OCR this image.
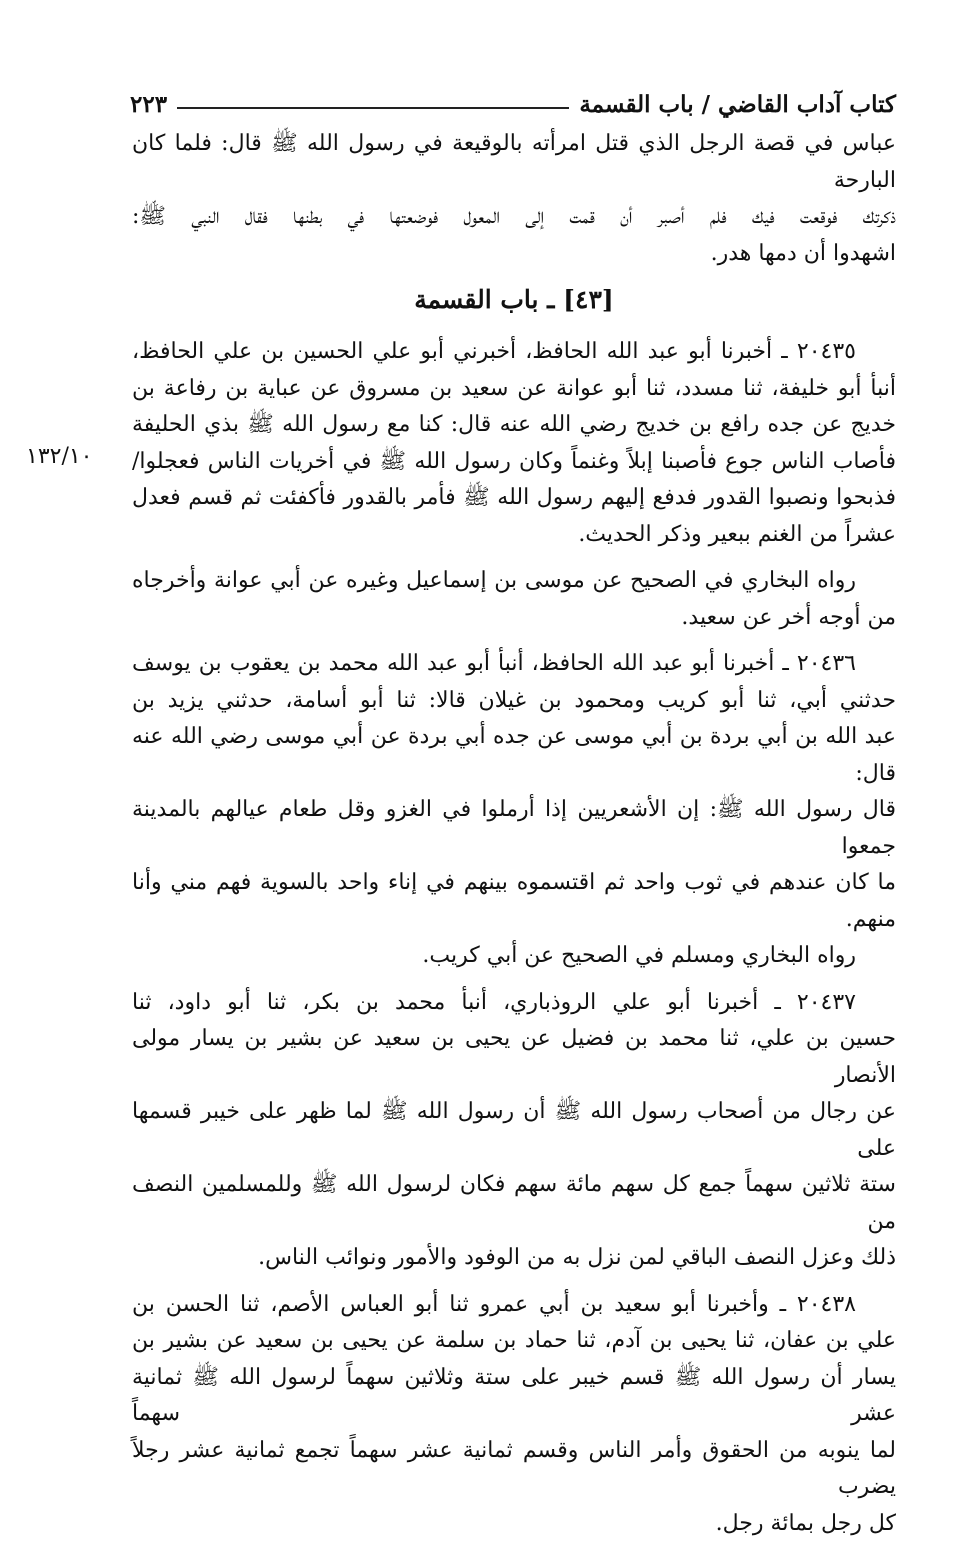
كتاب آداب القاضي / باب القسمة
٢٢٣
١٣٢/١٠
عباس في قصة الرجل الذي قتل امرأته بالوقيعة في رسول الله ﷺ قال: فلما كان البارحة
ذكرتك فوقعت فيك فلم أصبر أن قمت إلى المعول فوضعتها في بطنها فقال النبي ﷺ:
اشهدوا أن دمها هدر.
[٤٣] ـ باب القسمة
٢٠٤٣٥ ـ أخبرنا أبو عبد الله الحافظ، أخبرني أبو علي الحسين بن علي الحافظ،
أنبأ أبو خليفة، ثنا مسدد، ثنا أبو عوانة عن سعيد بن مسروق عن عباية بن رفاعة بن
خديج عن جده رافع بن خديج رضي الله عنه قال: كنا مع رسول الله ﷺ بذي الحليفة
فأصاب الناس جوع فأصبنا إبلاً وغنماً وكان رسول الله ﷺ في أخريات الناس فعجلوا/
فذبحوا ونصبوا القدور فدفع إليهم رسول الله ﷺ فأمر بالقدور فأكفئت ثم قسم فعدل
عشراً من الغنم ببعير وذكر الحديث.
رواه البخاري في الصحيح عن موسى بن إسماعيل وغيره عن أبي عوانة وأخرجاه
من أوجه أخر عن سعيد.
٢٠٤٣٦ ـ أخبرنا أبو عبد الله الحافظ، أنبأ أبو عبد الله محمد بن يعقوب بن يوسف
حدثني أبي، ثنا أبو كريب ومحمود بن غيلان قالا: ثنا أبو أسامة، حدثني يزيد بن
عبد الله بن أبي بردة بن أبي موسى عن جده أبي بردة عن أبي موسى رضي الله عنه قال:
قال رسول الله ﷺ: إن الأشعريين إذا أرملوا في الغزو وقل طعام عيالهم بالمدينة جمعوا
ما كان عندهم في ثوب واحد ثم اقتسموه بينهم في إناء واحد بالسوية فهم مني وأنا منهم.
رواه البخاري ومسلم في الصحيح عن أبي كريب.
٢٠٤٣٧ ـ أخبرنا أبو علي الروذباري، أنبأ محمد بن بكر، ثنا أبو داود، ثنا
حسين بن علي، ثنا محمد بن فضيل عن يحيى بن سعيد عن بشير بن يسار مولى الأنصار
عن رجال من أصحاب رسول الله ﷺ أن رسول الله ﷺ لما ظهر على خيبر قسمها على
ستة ثلاثين سهماً جمع كل سهم مائة سهم فكان لرسول الله ﷺ وللمسلمين النصف من
ذلك وعزل النصف الباقي لمن نزل به من الوفود والأمور ونوائب الناس.
٢٠٤٣٨ ـ وأخبرنا أبو سعيد بن أبي عمرو ثنا أبو العباس الأصم، ثنا الحسن بن
علي بن عفان، ثنا يحيى بن آدم، ثنا حماد بن سلمة عن يحيى بن سعيد عن بشير بن
يسار أن رسول الله ﷺ قسم خيبر على ستة وثلاثين سهماً لرسول الله ﷺ ثمانية عشر سهماً
لما ينوبه من الحقوق وأمر الناس وقسم ثمانية عشر سهماً تجمع ثمانية عشر رجلاً يضرب
كل رجل بمائة رجل.
